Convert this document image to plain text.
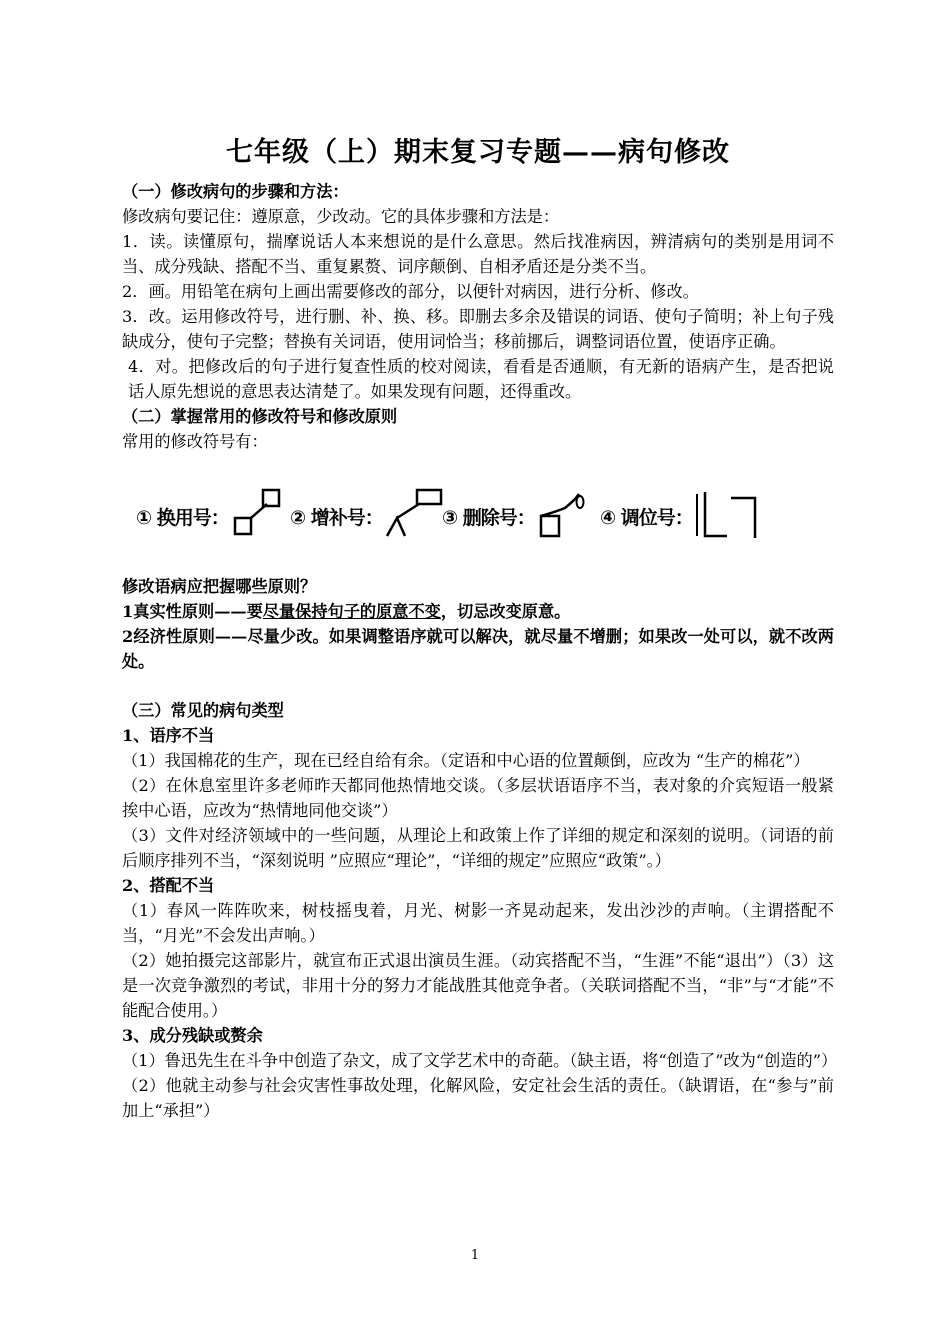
七年级（上）期末复习专题——病句修改

（一）修改病句的步骤和方法：

修改病句要记住：遵原意，少改动。它的具体步骤和方法是：

1．读。读懂原句，揣摩说话人本来想说的是什么意思。然后找准病因，辨清病句的类别是用词不当、成分残缺、搭配不当、重复累赘、词序颠倒、自相矛盾还是分类不当。

2．画。用铅笔在病句上画出需要修改的部分，以便针对病因，进行分析、修改。

3．改。运用修改符号，进行删、补、换、移。即删去多余及错误的词语、使句子简明；补上句子残缺成分，使句子完整；替换有关词语，使用词恰当；移前挪后，调整词语位置，使语序正确。

4．对。把修改后的句子进行复查性质的校对阅读，看看是否通顺，有无新的语病产生，是否把说话人原先想说的意思表达清楚了。如果发现有问题，还得重改。

（二）掌握常用的修改符号和修改原则

常用的修改符号有：

① 换用号：	② 增补号：	③ 删除号：	④ 调位号：

修改语病应把握哪些原则？

1真实性原则——要尽量保持句子的原意不变，切忌改变原意。

2经济性原则——尽量少改。如果调整语序就可以解决，就尽量不增删；如果改一处可以，就不改两处。

（三）常见的病句类型

1、语序不当

（1）我国棉花的生产，现在已经自给有余。（定语和中心语的位置颠倒，应改为 “生产的棉花”）

（2）在休息室里许多老师昨天都同他热情地交谈。（多层状语语序不当，表对象的介宾短语一般紧挨中心语，应改为“热情地同他交谈”）

（3）文件对经济领域中的一些问题，从理论上和政策上作了详细的规定和深刻的说明。（词语的前后顺序排列不当，“深刻说明 ”应照应“理论”，“详细的规定”应照应“政策”。）

2、搭配不当

（1）春风一阵阵吹来，树枝摇曳着，月光、树影一齐晃动起来，发出沙沙的声响。（主谓搭配不当，“月光”不会发出声响。）

（2）她拍摄完这部影片，就宣布正式退出演员生涯。（动宾搭配不当，“生涯”不能“退出”）（3）这是一次竞争激烈的考试，非用十分的努力才能战胜其他竞争者。（关联词搭配不当，“非”与“才能”不能配合使用。）

3、成分残缺或赘余

（1）鲁迅先生在斗争中创造了杂文，成了文学艺术中的奇葩。（缺主语，将“创造了”改为“创造的”）

（2）他就主动参与社会灾害性事故处理，化解风险，安定社会生活的责任。（缺谓语，在“参与”前加上“承担”）

1
